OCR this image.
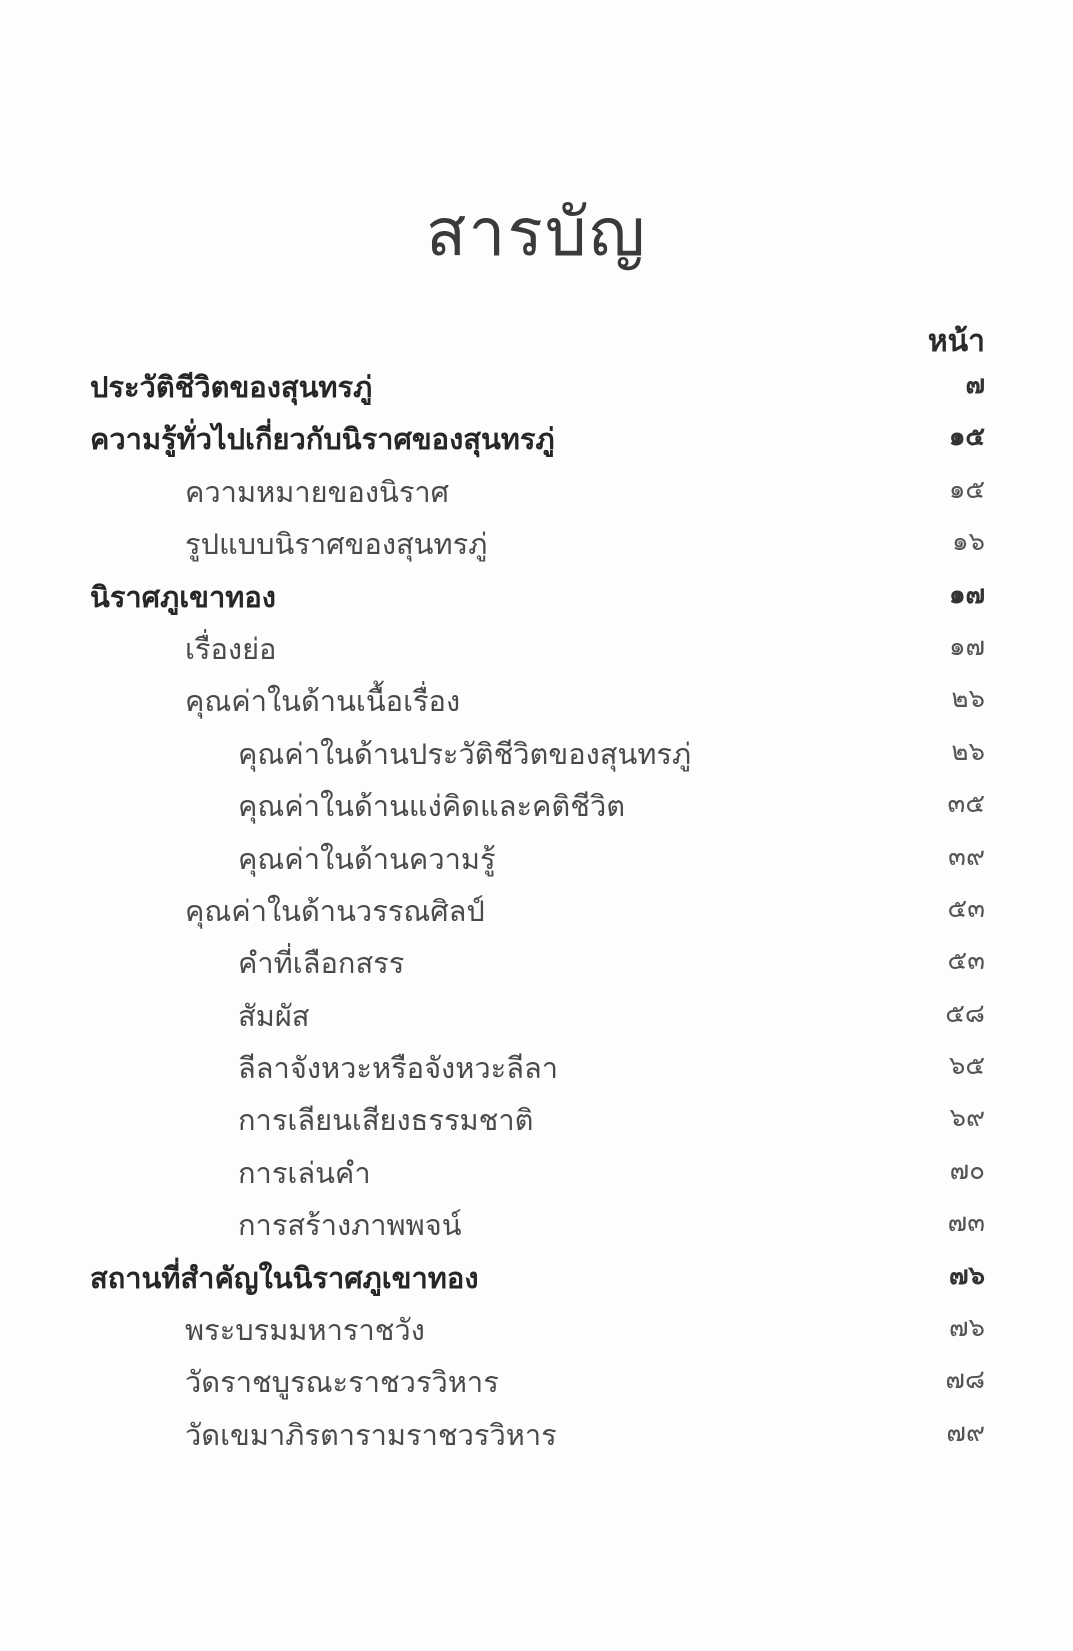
สารบัญ
หน้า
ประวัติชีวิตของสุนทรภู่	๗
ความรู้ทั่วไปเกี่ยวกับนิราศของสุนทรภู่	๑๕
ความหมายของนิราศ	๑๕
รูปแบบนิราศของสุนทรภู่	๑๖
นิราศภูเขาทอง	๑๗
เรื่องย่อ	๑๗
คุณค่าในด้านเนื้อเรื่อง	๒๖
คุณค่าในด้านประวัติชีวิตของสุนทรภู่	๒๖
คุณค่าในด้านแง่คิดและคติชีวิต	๓๕
คุณค่าในด้านความรู้	๓๙
คุณค่าในด้านวรรณศิลป์	๕๓
คำที่เลือกสรร	๕๓
สัมผัส	๕๘
ลีลาจังหวะหรือจังหวะลีลา	๖๕
การเลียนเสียงธรรมชาติ	๖๙
การเล่นคำ	๗๐
การสร้างภาพพจน์	๗๓
สถานที่สำคัญในนิราศภูเขาทอง	๗๖
พระบรมมหาราชวัง	๗๖
วัดราชบูรณะราชวรวิหาร	๗๘
วัดเขมาภิรตารามราชวรวิหาร	๗๙
